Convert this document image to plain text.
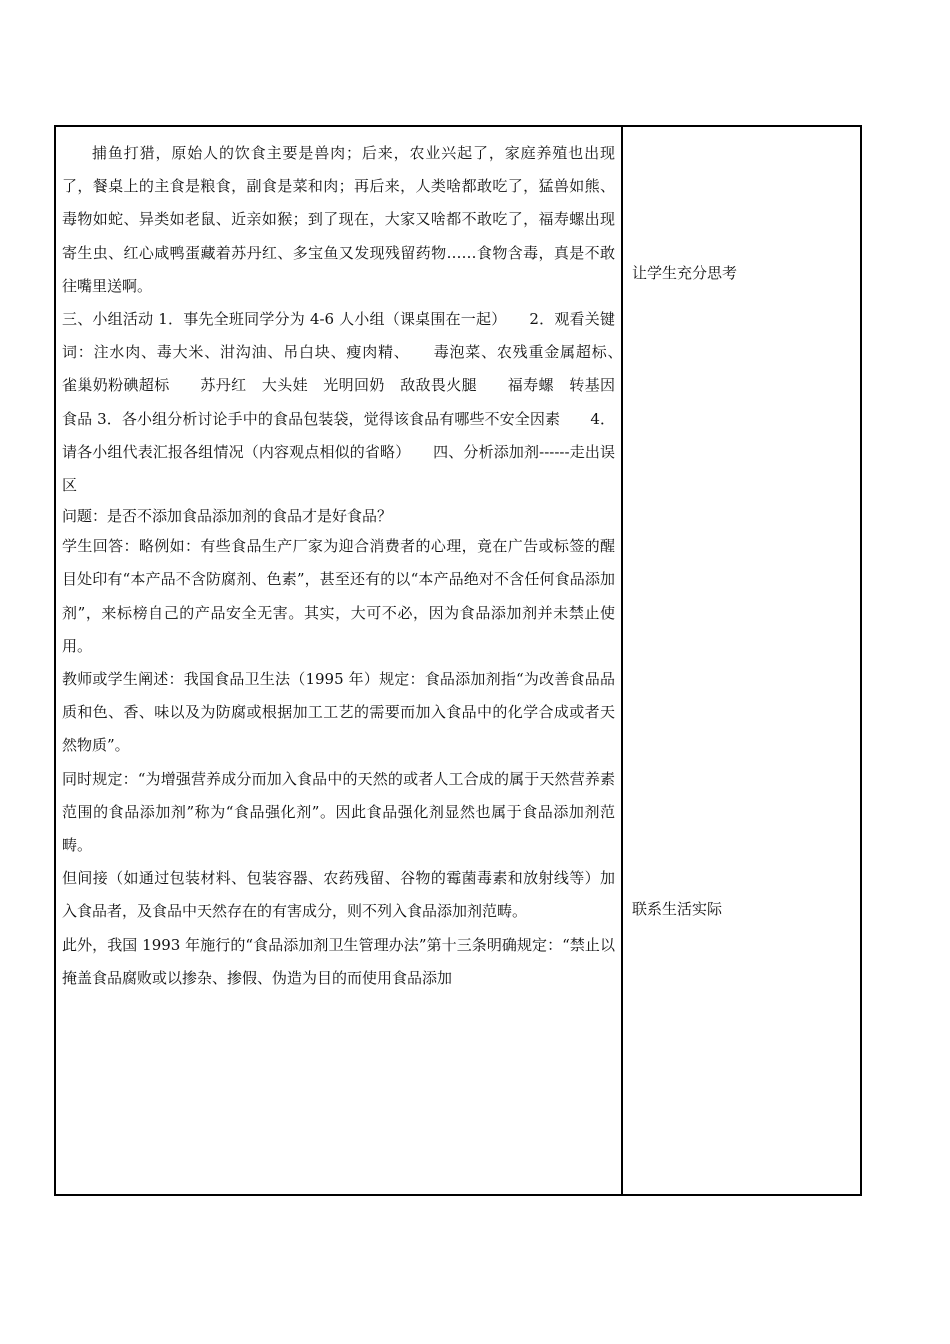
捕鱼打猎，原始人的饮食主要是兽肉；后来，农业兴起了，家庭养殖也出现了，餐桌上的主食是粮食，副食是菜和肉；再后来，人类啥都敢吃了，猛兽如熊、毒物如蛇、异类如老鼠、近亲如猴；到了现在，大家又啥都不敢吃了，福寿螺出现寄生虫、红心咸鸭蛋藏着苏丹红、多宝鱼又发现残留药物……食物含毒，真是不敢往嘴里送啊。

三、小组活动 1．事先全班同学分为 4-6 人小组（课桌围在一起）　　2．观看关键词：注水肉、毒大米、泔沟油、吊白块、瘦肉精、　　毒泡菜、农残重金属超标、　雀巢奶粉碘超标　　苏丹红　大头娃　光明回奶　敌敌畏火腿　　福寿螺　转基因食品 3．各小组分析讨论手中的食品包装袋，觉得该食品有哪些不安全因素　　4．请各小组代表汇报各组情况（内容观点相似的省略）　　四、分析添加剂------走出误区

问题：是否不添加食品添加剂的食品才是好食品？

学生回答：略例如：有些食品生产厂家为迎合消费者的心理，竟在广告或标签的醒目处印有“本产品不含防腐剂、色素”，甚至还有的以“本产品绝对不含任何食品添加剂”，来标榜自己的产品安全无害。其实，大可不必，因为食品添加剂并未禁止使用。

教师或学生阐述：我国食品卫生法（1995 年）规定：食品添加剂指“为改善食品品质和色、香、味以及为防腐或根据加工工艺的需要而加入食品中的化学合成或者天然物质”。

同时规定：“为增强营养成分而加入食品中的天然的或者人工合成的属于天然营养素范围的食品添加剂”称为“食品强化剂”。因此食品强化剂显然也属于食品添加剂范畴。

但间接（如通过包装材料、包装容器、农药残留、谷物的霉菌毒素和放射线等）加入食品者，及食品中天然存在的有害成分，则不列入食品添加剂范畴。

此外，我国 1993 年施行的“食品添加剂卫生管理办法”第十三条明确规定：“禁止以掩盖食品腐败或以掺杂、掺假、伪造为目的而使用食品添加

让学生充分思考
联系生活实际
